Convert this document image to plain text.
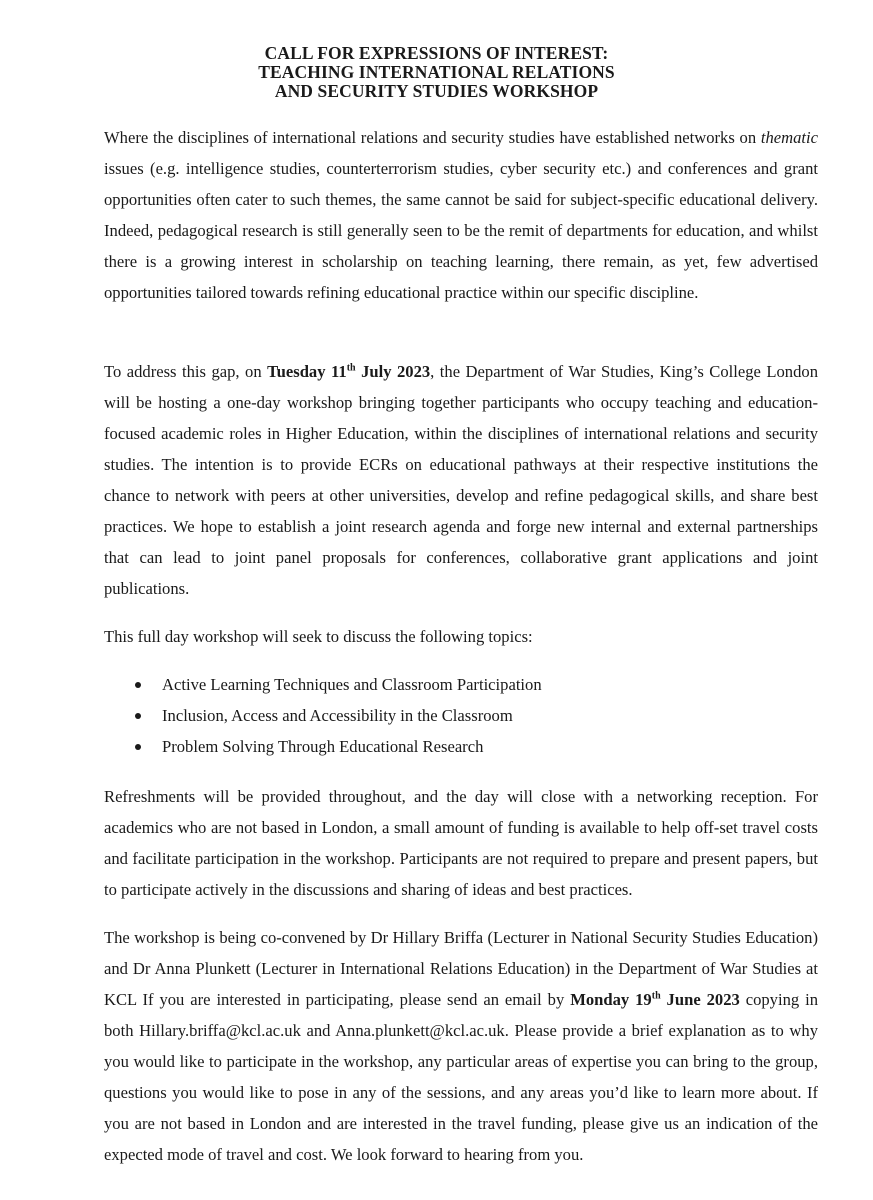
CALL FOR EXPRESSIONS OF INTEREST:
TEACHING INTERNATIONAL RELATIONS
AND SECURITY STUDIES WORKSHOP

Where the disciplines of international relations and security studies have established networks on thematic issues (e.g. intelligence studies, counterterrorism studies, cyber security etc.) and conferences and grant opportunities often cater to such themes, the same cannot be said for subject-specific educational delivery. Indeed, pedagogical research is still generally seen to be the remit of departments for education, and whilst there is a growing interest in scholarship on teaching learning, there remain, as yet, few advertised opportunities tailored towards refining educational practice within our specific discipline.

To address this gap, on Tuesday 11th July 2023, the Department of War Studies, King’s College London will be hosting a one-day workshop bringing together participants who occupy teaching and education-focused academic roles in Higher Education, within the disciplines of international relations and security studies. The intention is to provide ECRs on educational pathways at their respective institutions the chance to network with peers at other universities, develop and refine pedagogical skills, and share best practices. We hope to establish a joint research agenda and forge new internal and external partnerships that can lead to joint panel proposals for conferences, collaborative grant applications and joint publications.

This full day workshop will seek to discuss the following topics:

Active Learning Techniques and Classroom Participation
Inclusion, Access and Accessibility in the Classroom
Problem Solving Through Educational Research

Refreshments will be provided throughout, and the day will close with a networking reception. For academics who are not based in London, a small amount of funding is available to help off-set travel costs and facilitate participation in the workshop. Participants are not required to prepare and present papers, but to participate actively in the discussions and sharing of ideas and best practices.

The workshop is being co-convened by Dr Hillary Briffa (Lecturer in National Security Studies Education) and Dr Anna Plunkett (Lecturer in International Relations Education) in the Department of War Studies at KCL If you are interested in participating, please send an email by Monday 19th June 2023 copying in both Hillary.briffa@kcl.ac.uk and Anna.plunkett@kcl.ac.uk. Please provide a brief explanation as to why you would like to participate in the workshop, any particular areas of expertise you can bring to the group, questions you would like to pose in any of the sessions, and any areas you’d like to learn more about. If you are not based in London and are interested in the travel funding, please give us an indication of the expected mode of travel and cost. We look forward to hearing from you.
